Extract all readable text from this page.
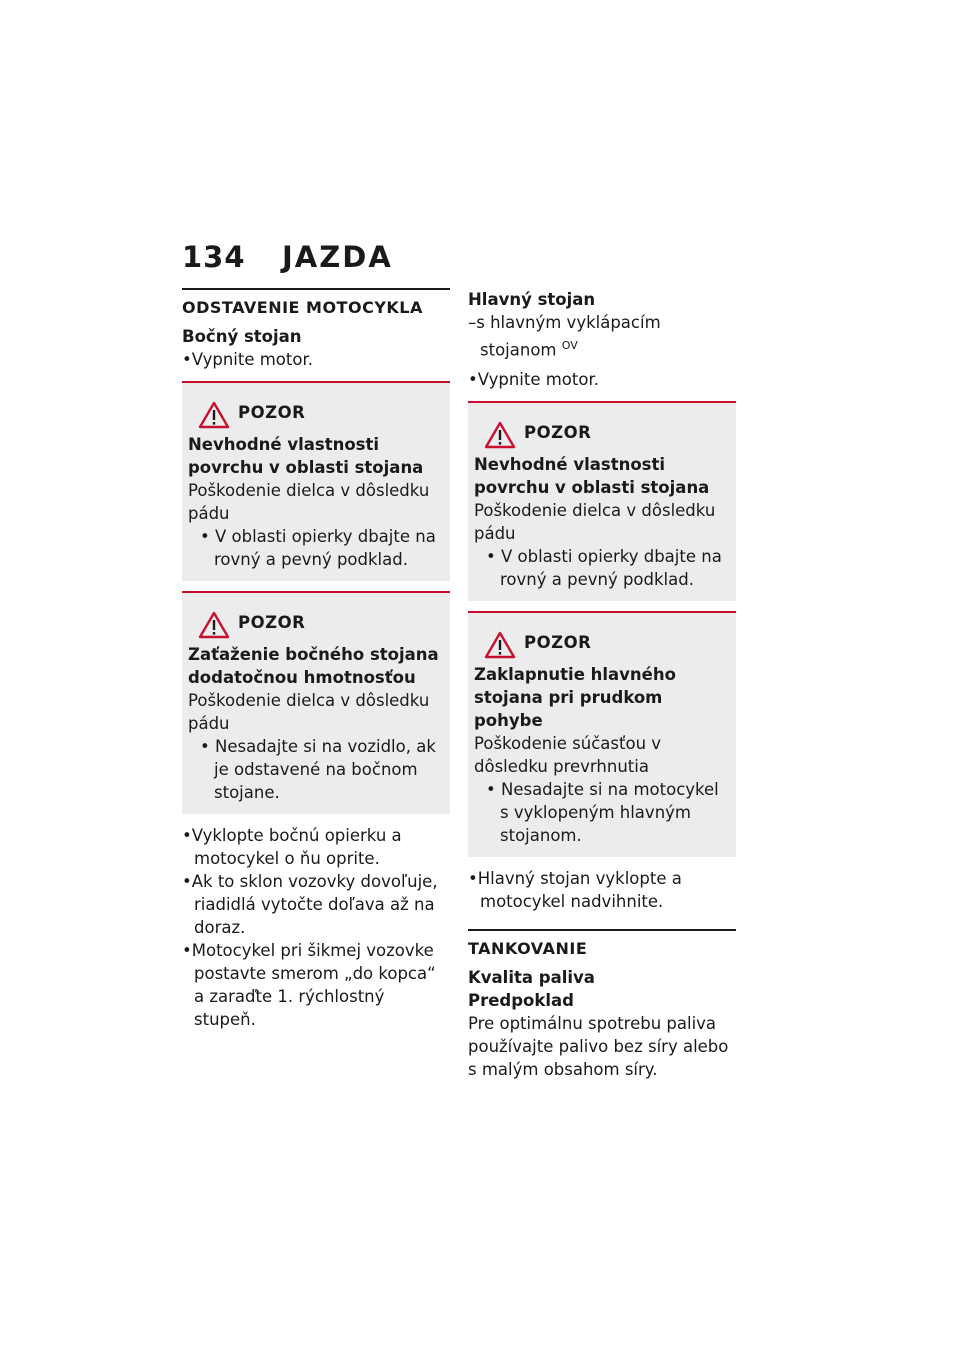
134 JAZDA
ODSTAVENIE MOTOCYKLA
Bočný stojan
•Vypnite motor.
POZOR
Nevhodné vlastnosti povrchu v oblasti stojana
Poškodenie dielca v dôsledku pádu
• V oblasti opierky dbajte na rovný a pevný podklad.
POZOR
Zaťaženie bočného stojana dodatočnou hmotnosťou
Poškodenie dielca v dôsledku pádu
• Nesadajte si na vozidlo, ak je odstavené na bočnom stojane.
•Vyklopte bočnú opierku a motocykel o ňu oprite.
•Ak to sklon vozovky dovoľuje, riadidlá vytočte doľava až na doraz.
•Motocykel pri šikmej vozovke postavte smerom „do kopca“ a zaraďte 1. rýchlostný stupeň.
Hlavný stojan
–s hlavným vyklápacím stojanom $^{OV}$
•Vypnite motor.
POZOR
Nevhodné vlastnosti povrchu v oblasti stojana
Poškodenie dielca v dôsledku pádu
• V oblasti opierky dbajte na rovný a pevný podklad.
POZOR
Zaklapnutie hlavného stojana pri prudkom pohybe
Poškodenie súčasťou v dôsledku prevrhnutia
• Nesadajte si na motocykel s vyklopeným hlavným stojanom.
•Hlavný stojan vyklopte a motocykel nadvihnite.
TANKOVANIE
Kvalita paliva
Predpoklad
Pre optimálnu spotrebu paliva používajte palivo bez síry alebo s malým obsahom síry.
